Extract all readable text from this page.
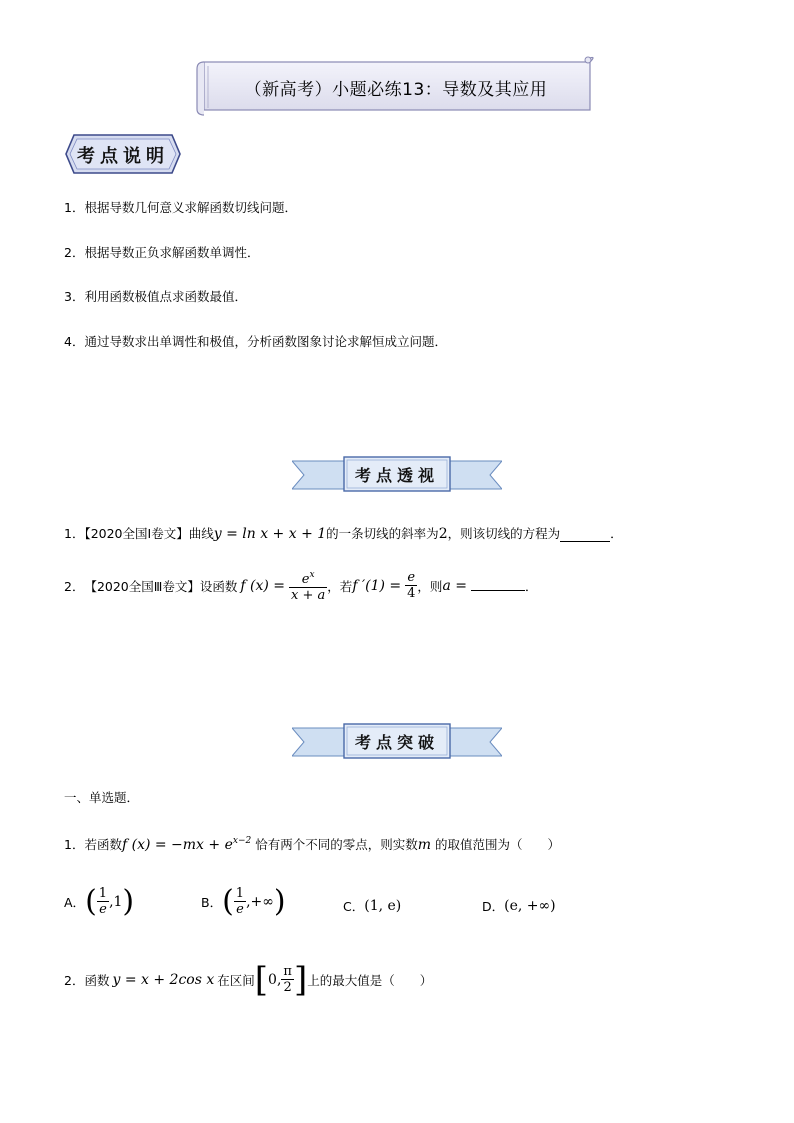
（新高考）小题必练13：导数及其应用
考点说明
1．根据导数几何意义求解函数切线问题．
2．根据导数正负求解函数单调性．
3．利用函数极值点求函数最值．
4．通过导数求出单调性和极值，分析函数图象讨论求解恒成立问题．
考点透视
1．【2020全国Ⅰ卷文】曲线y = ln x + x + 1的一条切线的斜率为2，则该切线的方程为	．
2． 【2020全国Ⅲ卷文】 设函数 f $(x) = \frac{e^x}{x + a}$ ，若 f $'(1) = \frac{e}{4}$ ，则 a =	．
考点突破
一、单选题．
1．若函数f $(x) = -mx + e^{x-2}$ 恰有两个不同的零点，则实数m 的取值范围为（　　）
A． ( $\frac{1}{e} ,1$ )	B． ( $\frac{1}{e}$ ,+∞ )	C． (1, e)	D． (e, +∞)
2． 函数 y = x + 2cos x 在区间 [ 0, $\frac{\pi}{2}$ ] 上的最大值是（　　）
